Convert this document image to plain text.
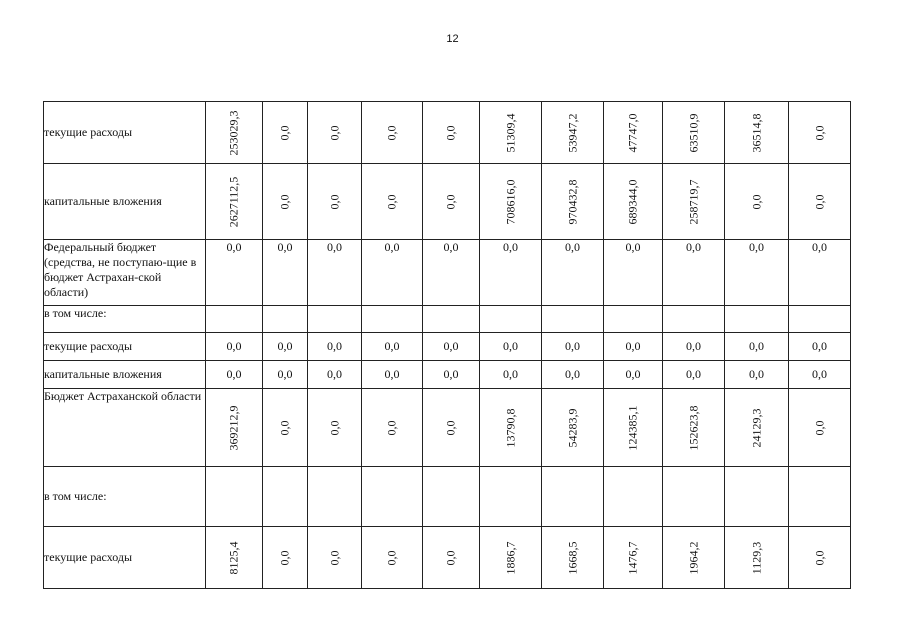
12
текущие расходы	253029,3	0,0	0,0	0,0	0,0	51309,4	53947,2	47747,0	63510,9	36514,8	0,0

капитальные вложения	2627112,5	0,0	0,0	0,0	0,0	708616,0	970432,8	689344,0	258719,7	0,0	0,0

Федеральный бюджет (средства, не поступаю-щие в бюджет Астрахан-ской области)	0,0	0,0	0,0	0,0	0,0	0,0	0,0	0,0	0,0	0,0	0,0
в том числе:											
текущие расходы	0,0	0,0	0,0	0,0	0,0	0,0	0,0	0,0	0,0	0,0	0,0
капитальные вложения	0,0	0,0	0,0	0,0	0,0	0,0	0,0	0,0	0,0	0,0	0,0
Бюджет Астраханской области	369212,9	0,0	0,0	0,0	0,0	13790,8	54283,9	124385,1	152623,8	24129,3	0,0

в том числе:											
текущие расходы	8125,4	0,0	0,0	0,0	0,0	1886,7	1668,5	1476,7	1964,2	1129,3	0,0
